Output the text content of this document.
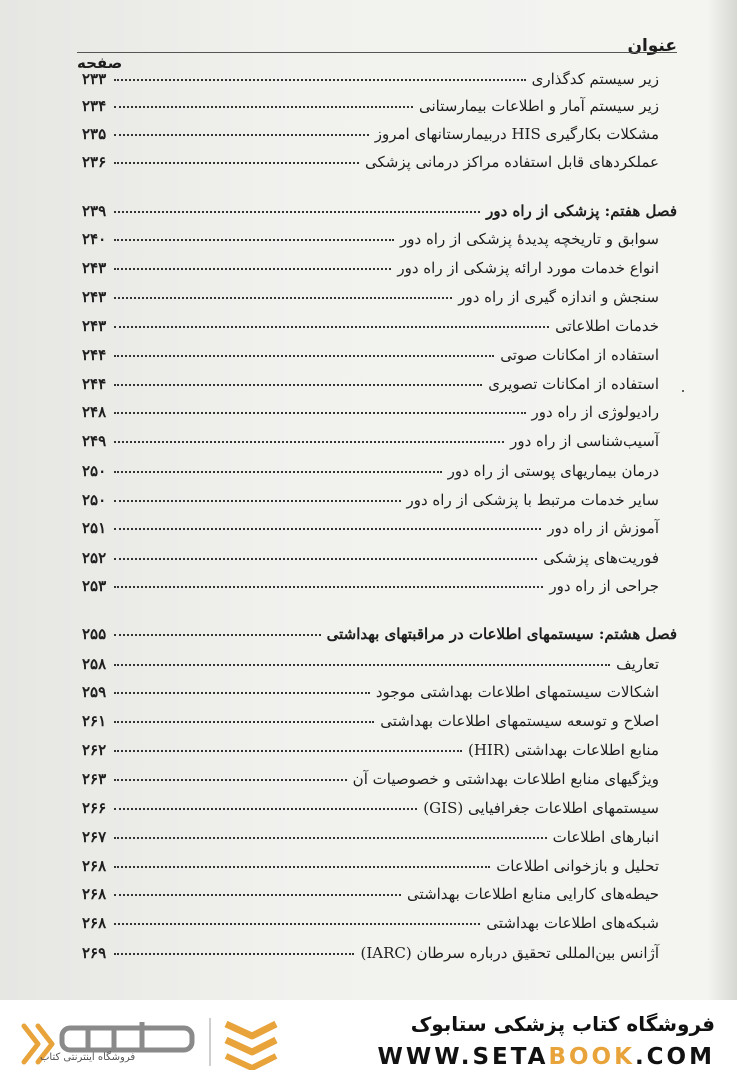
عنوان
صفحه
زیر سیستم کدگذاری
۲۳۳
زیر سیستم آمار و اطلاعات بیمارستانی
۲۳۴
مشکلات بکارگیری HIS دربیمارستانهای امروز
۲۳۵
عملکردهای قابل استفاده مراکز درمانی پزشکی
۲۳۶
فصل هفتم: پزشکی از راه دور
۲۳۹
سوابق و تاریخچه پدیدهٔ پزشکی از راه دور
۲۴۰
انواع خدمات مورد ارائه پزشکی از راه دور
۲۴۳
سنجش و اندازه گیری از راه دور
۲۴۳
خدمات اطلاعاتی
۲۴۳
استفاده از امکانات صوتی
۲۴۴
استفاده از امکانات تصویری
۲۴۴
رادیولوژی از راه دور
۲۴۸
آسیب‌شناسی از راه دور
۲۴۹
درمان بیماریهای پوستی از راه دور
۲۵۰
سایر خدمات مرتبط با پزشکی از راه دور
۲۵۰
آموزش از راه دور
۲۵۱
فوریت‌های پزشکی
۲۵۲
جراحی از راه دور
۲۵۳
فصل هشتم: سیستمهای اطلاعات در مراقبتهای بهداشتی
۲۵۵
تعاریف
۲۵۸
اشکالات سیستمهای اطلاعات بهداشتی موجود
۲۵۹
اصلاح و توسعه سیستمهای اطلاعات بهداشتی
۲۶۱
منابع اطلاعات بهداشتی (HIR)
۲۶۲
ویژگیهای منابع اطلاعات بهداشتی و خصوصیات آن
۲۶۳
سیستمهای اطلاعات جغرافیایی (GIS)
۲۶۶
انبارهای اطلاعات
۲۶۷
تحلیل و بازخوانی اطلاعات
۲۶۸
حیطه‌های کارایی منابع اطلاعات بهداشتی
۲۶۸
شبکه‌های اطلاعات بهداشتی
۲۶۸
آژانس بین‌المللی تحقیق درباره سرطان (IARC)
۲۶۹
فروشگاه اینترنتی کتاب
فروشگاه کتاب پزشکی ستابوک
WWW.SETABOOK.COM
